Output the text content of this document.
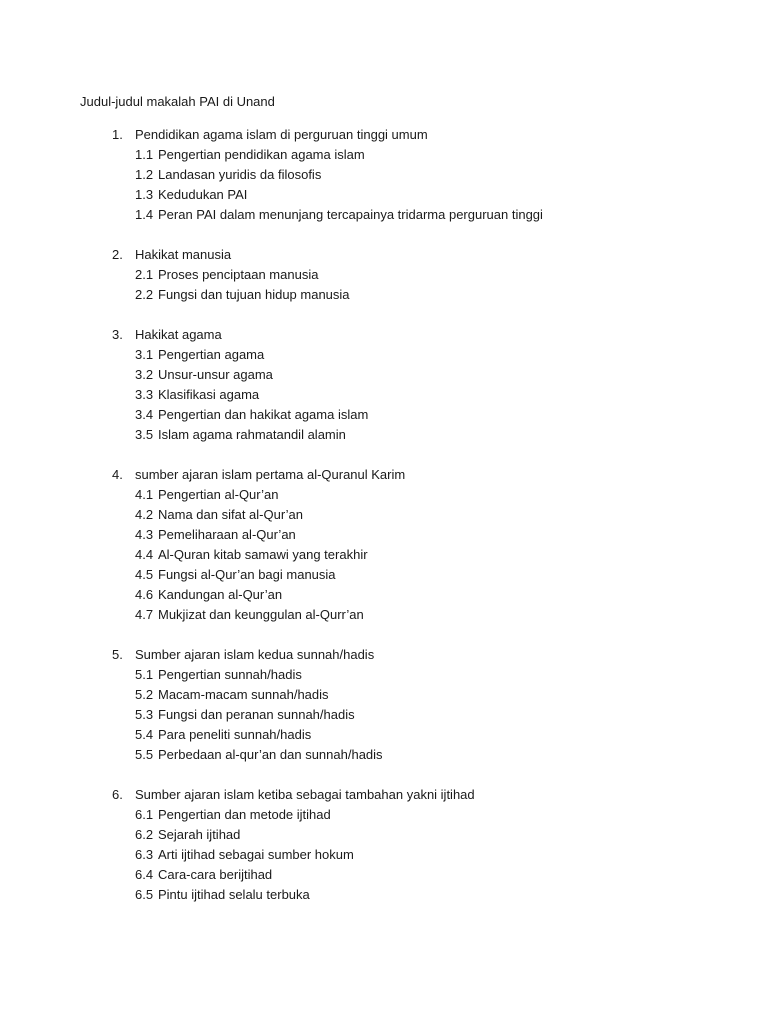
Judul-judul makalah PAI di Unand
1. Pendidikan agama islam di perguruan tinggi umum
1.1 Pengertian pendidikan agama islam
1.2 Landasan yuridis da filosofis
1.3 Kedudukan PAI
1.4 Peran PAI dalam menunjang tercapainya tridarma perguruan tinggi
2. Hakikat manusia
2.1 Proses penciptaan manusia
2.2 Fungsi dan tujuan hidup manusia
3. Hakikat agama
3.1 Pengertian agama
3.2 Unsur-unsur agama
3.3 Klasifikasi agama
3.4 Pengertian dan hakikat agama islam
3.5 Islam agama rahmatandil alamin
4. sumber ajaran islam pertama al-Quranul Karim
4.1 Pengertian al-Qur’an
4.2 Nama dan sifat al-Qur’an
4.3 Pemeliharaan al-Qur’an
4.4 Al-Quran kitab samawi yang terakhir
4.5 Fungsi al-Qur’an bagi manusia
4.6 Kandungan al-Qur’an
4.7 Mukjizat dan keunggulan al-Qurr’an
5. Sumber ajaran islam kedua sunnah/hadis
5.1 Pengertian sunnah/hadis
5.2 Macam-macam sunnah/hadis
5.3 Fungsi dan peranan sunnah/hadis
5.4 Para peneliti sunnah/hadis
5.5 Perbedaan al-qur’an dan sunnah/hadis
6. Sumber ajaran islam ketiba sebagai tambahan yakni ijtihad
6.1 Pengertian dan metode ijtihad
6.2 Sejarah ijtihad
6.3 Arti ijtihad sebagai sumber hokum
6.4 Cara-cara berijtihad
6.5 Pintu ijtihad selalu terbuka
